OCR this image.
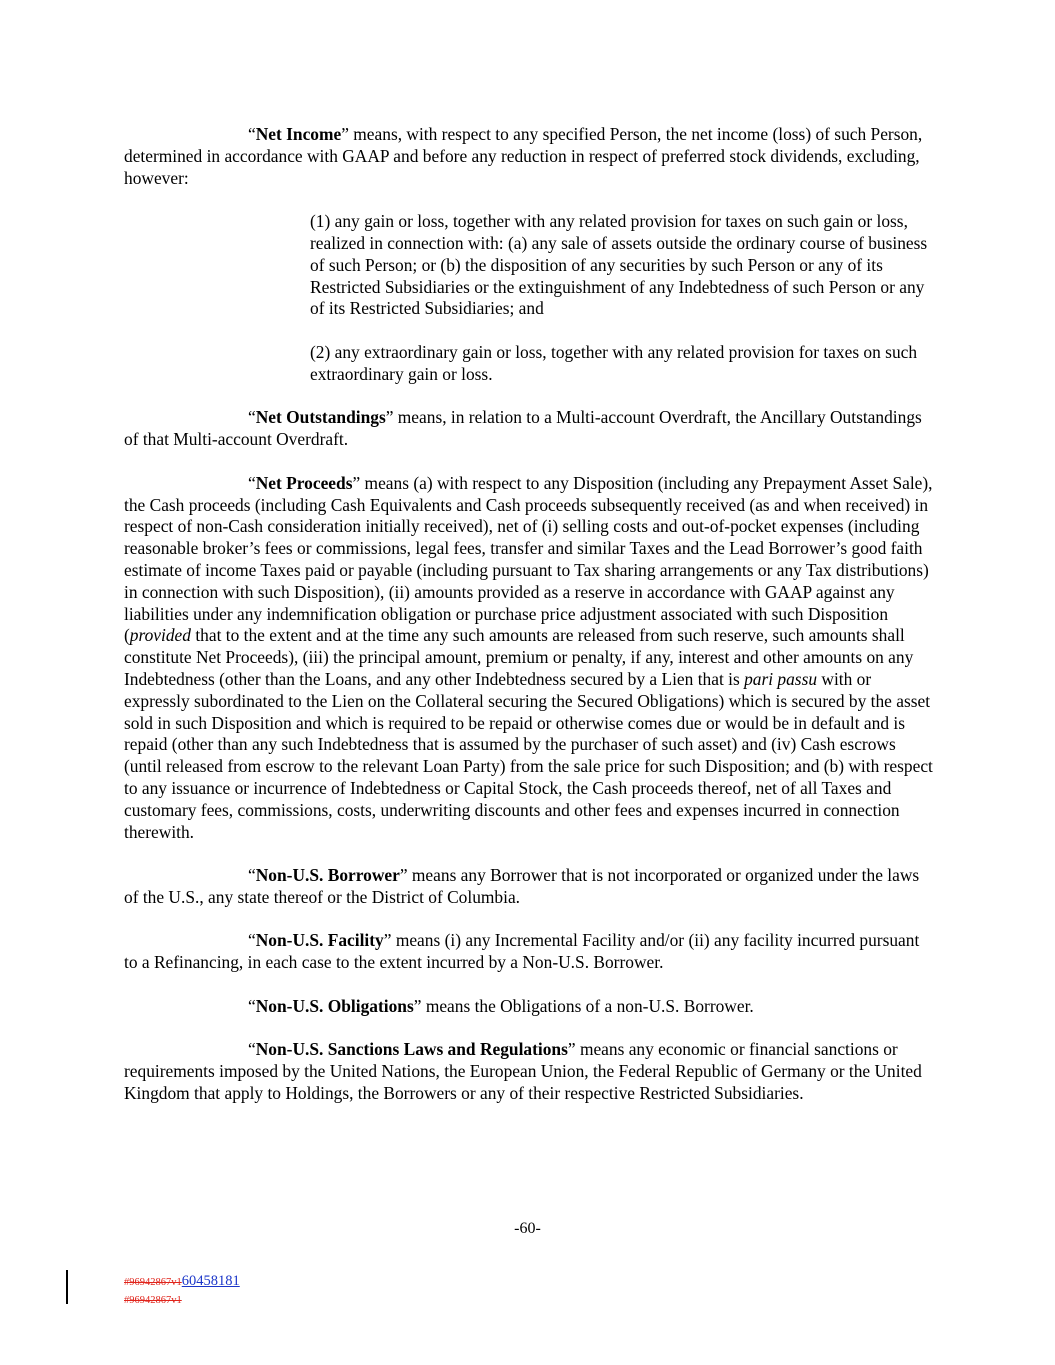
“Net Income” means, with respect to any specified Person, the net income (loss) of such Person, determined in accordance with GAAP and before any reduction in respect of preferred stock dividends, excluding, however:

(1) any gain or loss, together with any related provision for taxes on such gain or loss, realized in connection with: (a) any sale of assets outside the ordinary course of business of such Person; or (b) the disposition of any securities by such Person or any of its Restricted Subsidiaries or the extinguishment of any Indebtedness of such Person or any of its Restricted Subsidiaries; and

(2) any extraordinary gain or loss, together with any related provision for taxes on such extraordinary gain or loss.

“Net Outstandings” means, in relation to a Multi-account Overdraft, the Ancillary Outstandings of that Multi-account Overdraft.

“Net Proceeds” means (a) with respect to any Disposition (including any Prepayment Asset Sale), the Cash proceeds (including Cash Equivalents and Cash proceeds subsequently received (as and when received) in respect of non-Cash consideration initially received), net of (i) selling costs and out-of-pocket expenses (including reasonable broker’s fees or commissions, legal fees, transfer and similar Taxes and the Lead Borrower’s good faith estimate of income Taxes paid or payable (including pursuant to Tax sharing arrangements or any Tax distributions) in connection with such Disposition), (ii) amounts provided as a reserve in accordance with GAAP against any liabilities under any indemnification obligation or purchase price adjustment associated with such Disposition (provided that to the extent and at the time any such amounts are released from such reserve, such amounts shall constitute Net Proceeds), (iii) the principal amount, premium or penalty, if any, interest and other amounts on any Indebtedness (other than the Loans, and any other Indebtedness secured by a Lien that is pari passu with or expressly subordinated to the Lien on the Collateral securing the Secured Obligations) which is secured by the asset sold in such Disposition and which is required to be repaid or otherwise comes due or would be in default and is repaid (other than any such Indebtedness that is assumed by the purchaser of such asset) and (iv) Cash escrows (until released from escrow to the relevant Loan Party) from the sale price for such Disposition; and (b) with respect to any issuance or incurrence of Indebtedness or Capital Stock, the Cash proceeds thereof, net of all Taxes and customary fees, commissions, costs, underwriting discounts and other fees and expenses incurred in connection therewith.

“Non-U.S. Borrower” means any Borrower that is not incorporated or organized under the laws of the U.S., any state thereof or the District of Columbia.

“Non-U.S. Facility” means (i) any Incremental Facility and/or (ii) any facility incurred pursuant to a Refinancing, in each case to the extent incurred by a Non-U.S. Borrower.

“Non-U.S. Obligations” means the Obligations of a non-U.S. Borrower.

“Non-U.S. Sanctions Laws and Regulations” means any economic or financial sanctions or requirements imposed by the United Nations, the European Union, the Federal Republic of Germany or the United Kingdom that apply to Holdings, the Borrowers or any of their respective Restricted Subsidiaries.

-60-
#96942867v160458181
#96942867v1
